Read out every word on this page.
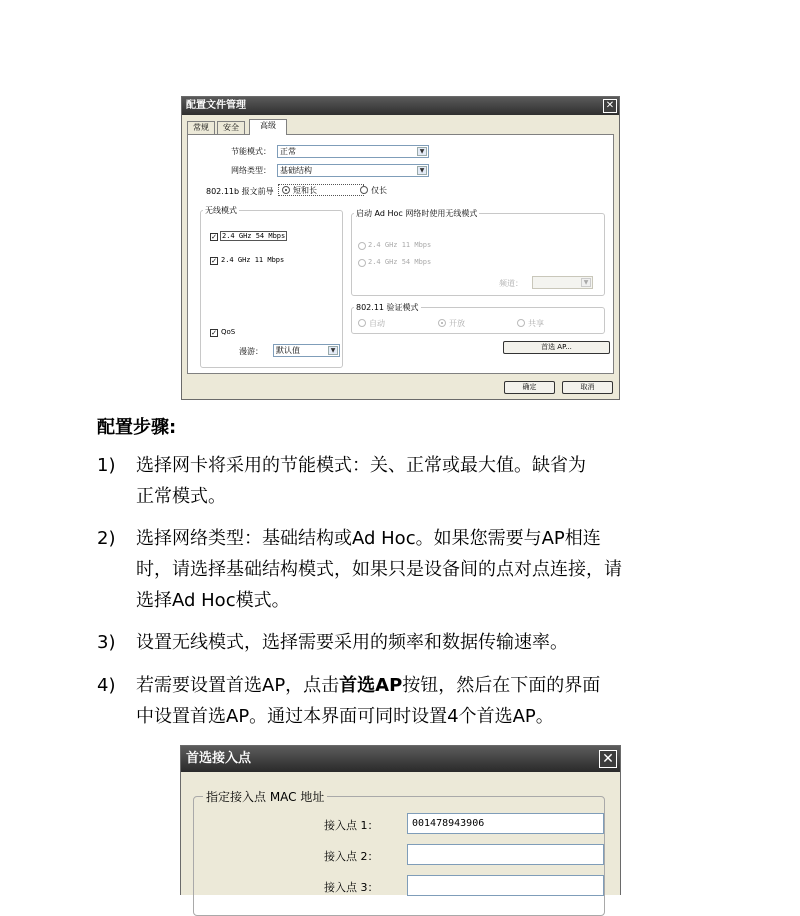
配置文件管理	✕
常规	安全	高级
节能模式：	正常	▼
网络类型：	基础结构	▼
802.11b 报文前导 短和长	仅长
无线模式
✓ 2.4 GHz 54 Mbps
✓ 2.4 GHz 11 Mbps
✓ QoS
启动 Ad Hoc 网络时使用无线模式
2.4 GHz 11 Mbps
2.4 GHz 54 Mbps
频道：	▼
802.11 验证模式
自动	开放	共享
漫游：	默认值	▼	首选 AP...
确定	取消
配置步骤:
1) 选择网卡将采用的节能模式：关、正常或最大值。缺省为
正常模式。
2) 选择网络类型：基础结构或Ad Hoc。如果您需要与AP相连
时，请选择基础结构模式，如果只是设备间的点对点连接，请
选择Ad Hoc模式。
3) 设置无线模式，选择需要采用的频率和数据传输速率。
4) 若需要设置首选AP，点击首选AP按钮，然后在下面的界面
中设置首选AP。通过本界面可同时设置4个首选AP。
首选接入点	✕
指定接入点 MAC 地址
接入点 1：	001478943906
接入点 2：
接入点 3：
